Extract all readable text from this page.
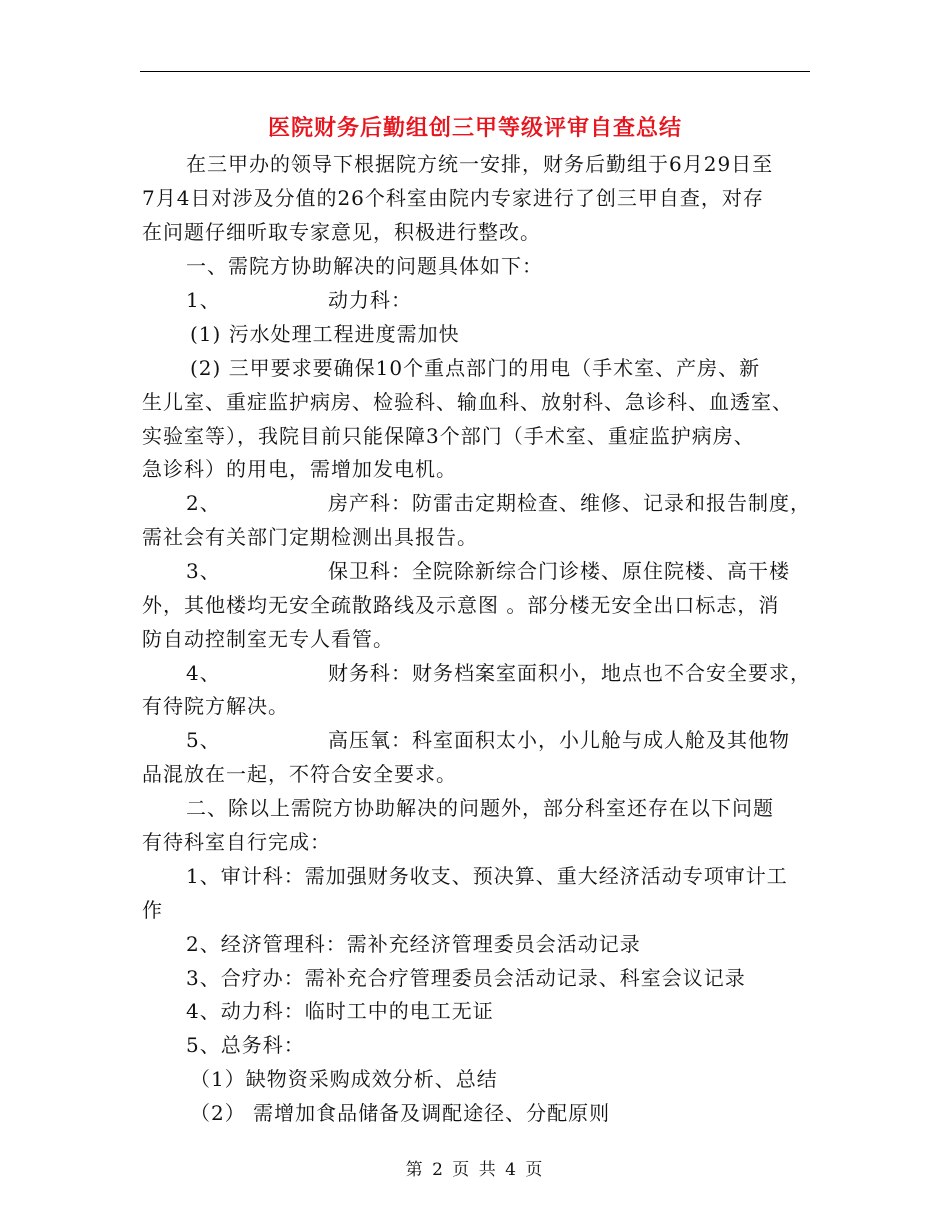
医院财务后勤组创三甲等级评审自查总结
在三甲办的领导下根据院方统一安排，财务后勤组于6月29日至
7月4日对涉及分值的26个科室由院内专家进行了创三甲自查，对存
在问题仔细听取专家意见，积极进行整改。
一、需院方协助解决的问题具体如下：
1、	动力科：
(1) 污水处理工程进度需加快
(2) 三甲要求要确保10个重点部门的用电（手术室、产房、新
生儿室、重症监护病房、检验科、输血科、放射科、急诊科、血透室、
实验室等），我院目前只能保障3个部门（手术室、重症监护病房、
急诊科）的用电，需增加发电机。
2、	房产科：防雷击定期检查、维修、记录和报告制度，
需社会有关部门定期检测出具报告。
3、	保卫科：全院除新综合门诊楼、原住院楼、高干楼
外，其他楼均无安全疏散路线及示意图 。部分楼无安全出口标志，消
防自动控制室无专人看管。
4、	财务科：财务档案室面积小，地点也不合安全要求，
有待院方解决。
5、	高压氧：科室面积太小，小儿舱与成人舱及其他物
品混放在一起，不符合安全要求。
二、除以上需院方协助解决的问题外，部分科室还存在以下问题
有待科室自行完成：
1、审计科：需加强财务收支、预决算、重大经济活动专项审计工
作
2、经济管理科：需补充经济管理委员会活动记录
3、合疗办：需补充合疗管理委员会活动记录、科室会议记录
4、动力科：临时工中的电工无证
5、总务科：
（1）缺物资采购成效分析、总结
（2） 需增加食品储备及调配途径、分配原则
第 2 页 共 4 页
